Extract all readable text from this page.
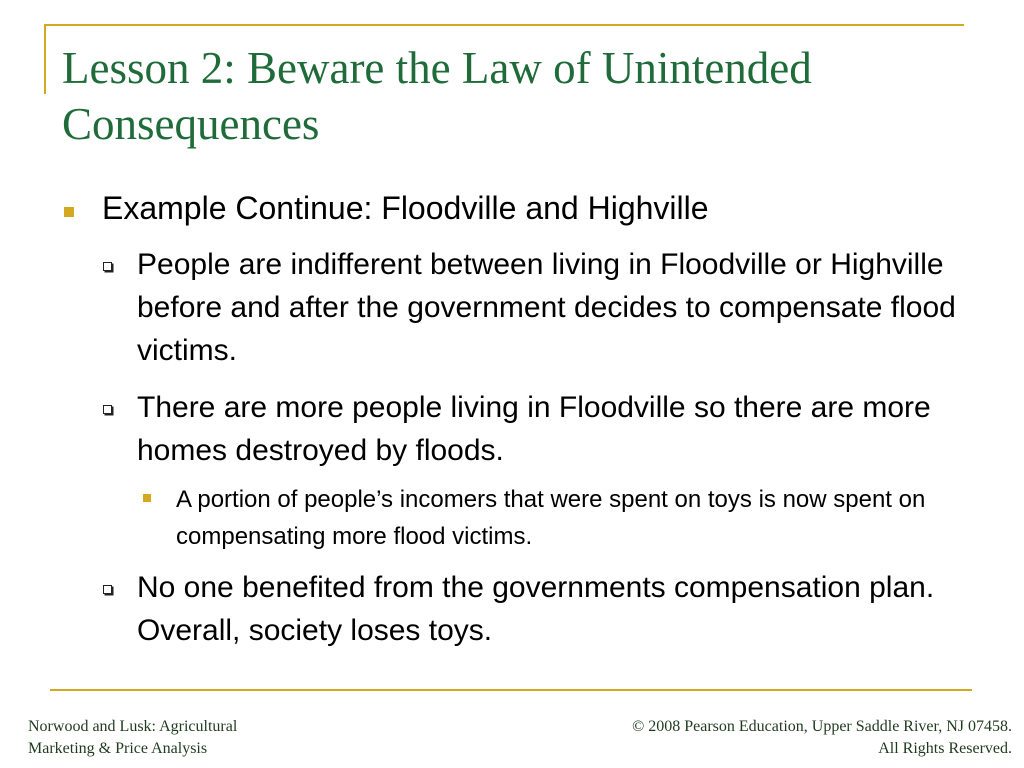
Lesson 2: Beware the Law of Unintended Consequences
Example Continue: Floodville and Highville
People are indifferent between living in Floodville or Highville before and after the government decides to compensate flood victims.
There are more people living in Floodville so there are more homes destroyed by floods.
A portion of people’s incomers that were spent on toys is now spent on compensating more flood victims.
No one benefited from the governments compensation plan. Overall, society loses toys.
Norwood and Lusk: Agricultural
Marketing & Price Analysis
© 2008 Pearson Education, Upper Saddle River, NJ 07458.
All Rights Reserved.
